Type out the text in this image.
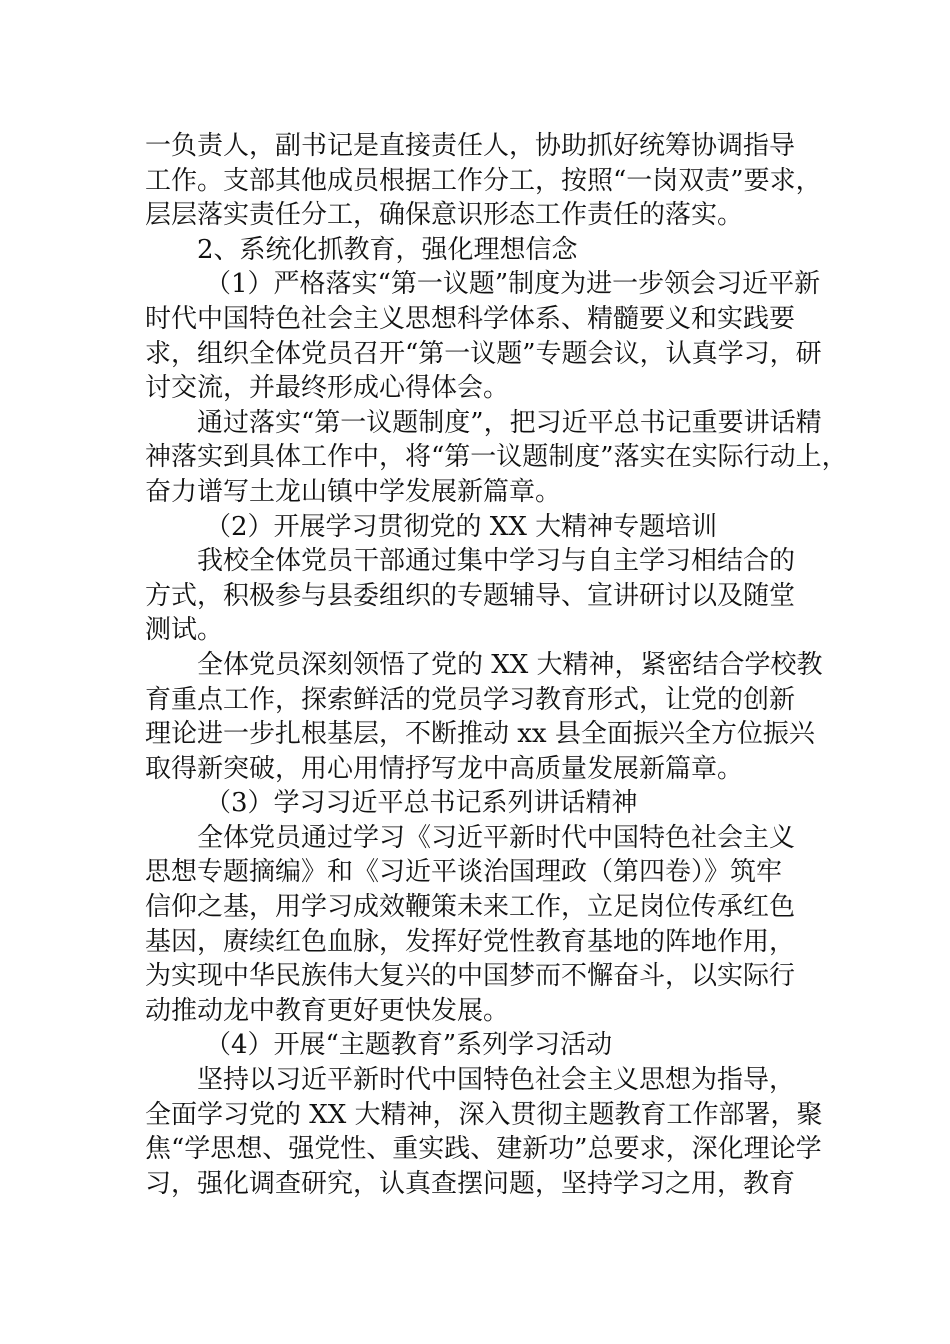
一负责人，副书记是直接责任人，协助抓好统筹协调指导
工作。支部其他成员根据工作分工，按照“一岗双责”要求，
层层落实责任分工，确保意识形态工作责任的落实。
2、系统化抓教育，强化理想信念
（1）严格落实“第一议题”制度为进一步领会习近平新
时代中国特色社会主义思想科学体系、精髓要义和实践要
求，组织全体党员召开“第一议题”专题会议，认真学习，研
讨交流，并最终形成心得体会。
通过落实“第一议题制度”，把习近平总书记重要讲话精
神落实到具体工作中，将“第一议题制度”落实在实际行动上，
奋力谱写土龙山镇中学发展新篇章。
（2）开展学习贯彻党的 XX 大精神专题培训
我校全体党员干部通过集中学习与自主学习相结合的
方式，积极参与县委组织的专题辅导、宣讲研讨以及随堂
测试。
全体党员深刻领悟了党的 XX 大精神，紧密结合学校教
育重点工作，探索鲜活的党员学习教育形式，让党的创新
理论进一步扎根基层，不断推动 xx 县全面振兴全方位振兴
取得新突破，用心用情抒写龙中高质量发展新篇章。
（3）学习习近平总书记系列讲话精神
全体党员通过学习《习近平新时代中国特色社会主义
思想专题摘编》和《习近平谈治国理政（第四卷）》筑牢
信仰之基，用学习成效鞭策未来工作，立足岗位传承红色
基因，赓续红色血脉，发挥好党性教育基地的阵地作用，
为实现中华民族伟大复兴的中国梦而不懈奋斗，以实际行
动推动龙中教育更好更快发展。
（4）开展“主题教育”系列学习活动
坚持以习近平新时代中国特色社会主义思想为指导，
全面学习党的 XX 大精神，深入贯彻主题教育工作部署，聚
焦“学思想、强党性、重实践、建新功”总要求，深化理论学
习，强化调查研究，认真查摆问题，坚持学习之用，教育
